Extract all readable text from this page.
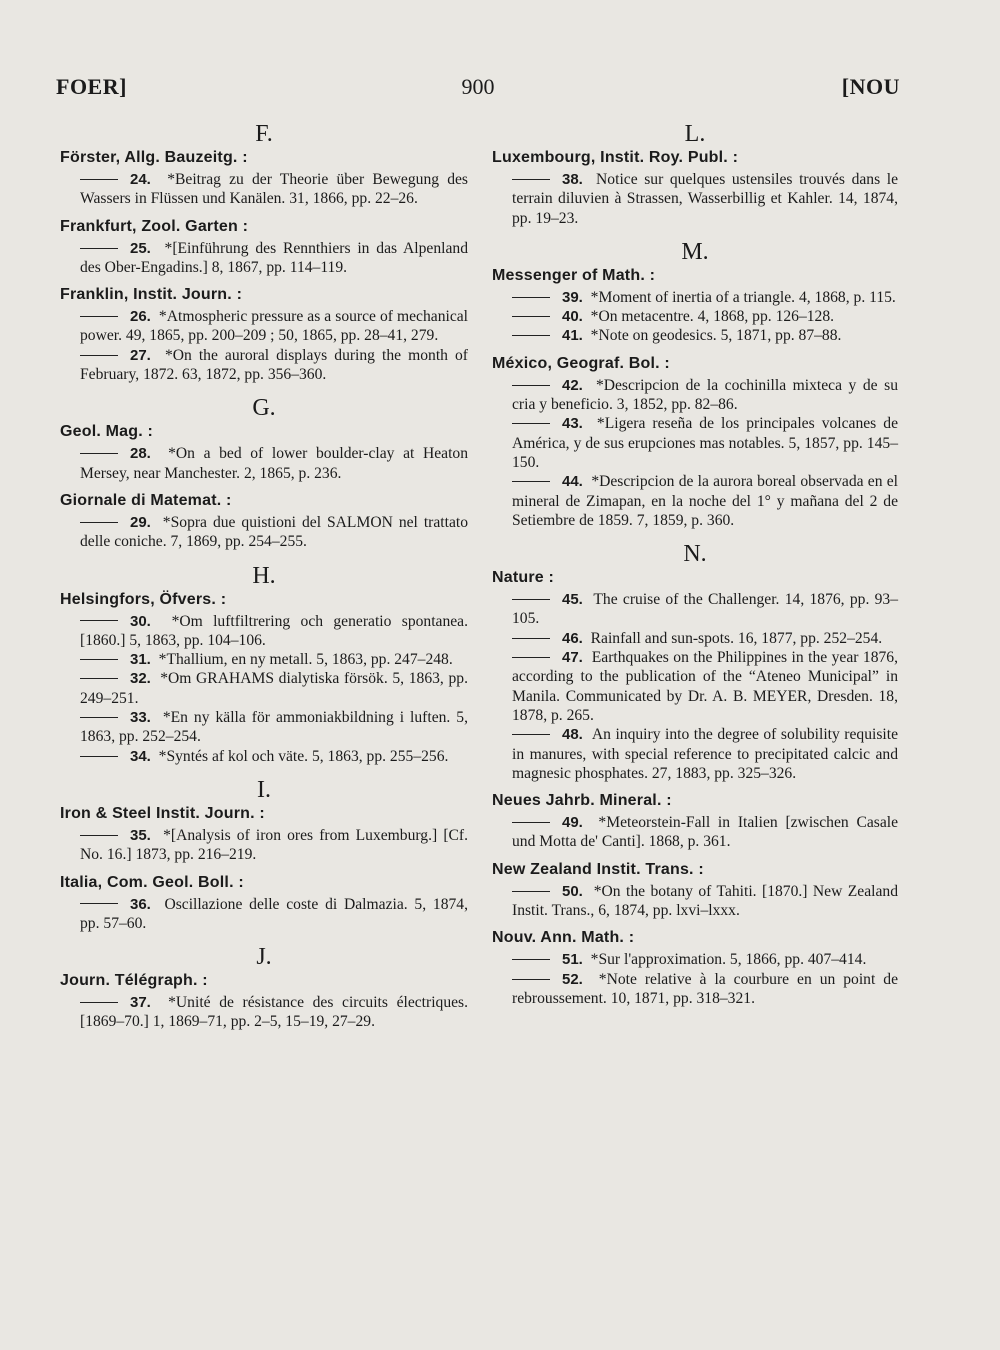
FOER]	900	[NOU
F.
Förster, Allg. Bauzeitg. :
24. *Beitrag zu der Theorie über Bewegung des Wassers in Flüssen und Kanälen. 31, 1866, pp. 22–26.
Frankfurt, Zool. Garten :
25. *[Einführung des Rennthiers in das Alpenland des Ober-Engadins.] 8, 1867, pp. 114–119.
Franklin, Instit. Journ. :
26. *Atmospheric pressure as a source of mechanical power. 49, 1865, pp. 200–209 ; 50, 1865, pp. 28–41, 279.
27. *On the auroral displays during the month of February, 1872. 63, 1872, pp. 356–360.
G.
Geol. Mag. :
28. *On a bed of lower boulder-clay at Heaton Mersey, near Manchester. 2, 1865, p. 236.
Giornale di Matemat. :
29. *Sopra due quistioni del SALMON nel trattato delle coniche. 7, 1869, pp. 254–255.
H.
Helsingfors, Öfvers. :
30. *Om luftfiltrering och generatio spontanea. [1860.] 5, 1863, pp. 104–106.
31. *Thallium, en ny metall. 5, 1863, pp. 247–248.
32. *Om GRAHAMS dialytiska försök. 5, 1863, pp. 249–251.
33. *En ny källa för ammoniakbildning i luften. 5, 1863, pp. 252–254.
34. *Syntés af kol och väte. 5, 1863, pp. 255–256.
I.
Iron & Steel Instit. Journ. :
35. *[Analysis of iron ores from Luxemburg.] [Cf. No. 16.] 1873, pp. 216–219.
Italia, Com. Geol. Boll. :
36. Oscillazione delle coste di Dalmazia. 5, 1874, pp. 57–60.
J.
Journ. Télégraph. :
37. *Unité de résistance des circuits électriques. [1869–70.] 1, 1869–71, pp. 2–5, 15–19, 27–29.
L.
Luxembourg, Instit. Roy. Publ. :
38. Notice sur quelques ustensiles trouvés dans le terrain diluvien à Strassen, Wasserbillig et Kahler. 14, 1874, pp. 19–23.
M.
Messenger of Math. :
39. *Moment of inertia of a triangle. 4, 1868, p. 115.
40. *On metacentre. 4, 1868, pp. 126–128.
41. *Note on geodesics. 5, 1871, pp. 87–88.
México, Geograf. Bol. :
42. *Descripcion de la cochinilla mixteca y de su cria y beneficio. 3, 1852, pp. 82–86.
43. *Ligera reseña de los principales volcanes de América, y de sus erupciones mas notables. 5, 1857, pp. 145–150.
44. *Descripcion de la aurora boreal observada en el mineral de Zimapan, en la noche del 1° y mañana del 2 de Setiembre de 1859. 7, 1859, p. 360.
N.
Nature :
45. The cruise of the Challenger. 14, 1876, pp. 93–105.
46. Rainfall and sun-spots. 16, 1877, pp. 252–254.
47. Earthquakes on the Philippines in the year 1876, according to the publication of the “Ateneo Municipal” in Manila. Communicated by Dr. A. B. MEYER, Dresden. 18, 1878, p. 265.
48. An inquiry into the degree of solubility requisite in manures, with special reference to precipitated calcic and magnesic phosphates. 27, 1883, pp. 325–326.
Neues Jahrb. Mineral. :
49. *Meteorstein-Fall in Italien [zwischen Casale und Motta de' Canti]. 1868, p. 361.
New Zealand Instit. Trans. :
50. *On the botany of Tahiti. [1870.] New Zealand Instit. Trans., 6, 1874, pp. lxvi–lxxx.
Nouv. Ann. Math. :
51. *Sur l'approximation. 5, 1866, pp. 407–414.
52. *Note relative à la courbure en un point de rebroussement. 10, 1871, pp. 318–321.
